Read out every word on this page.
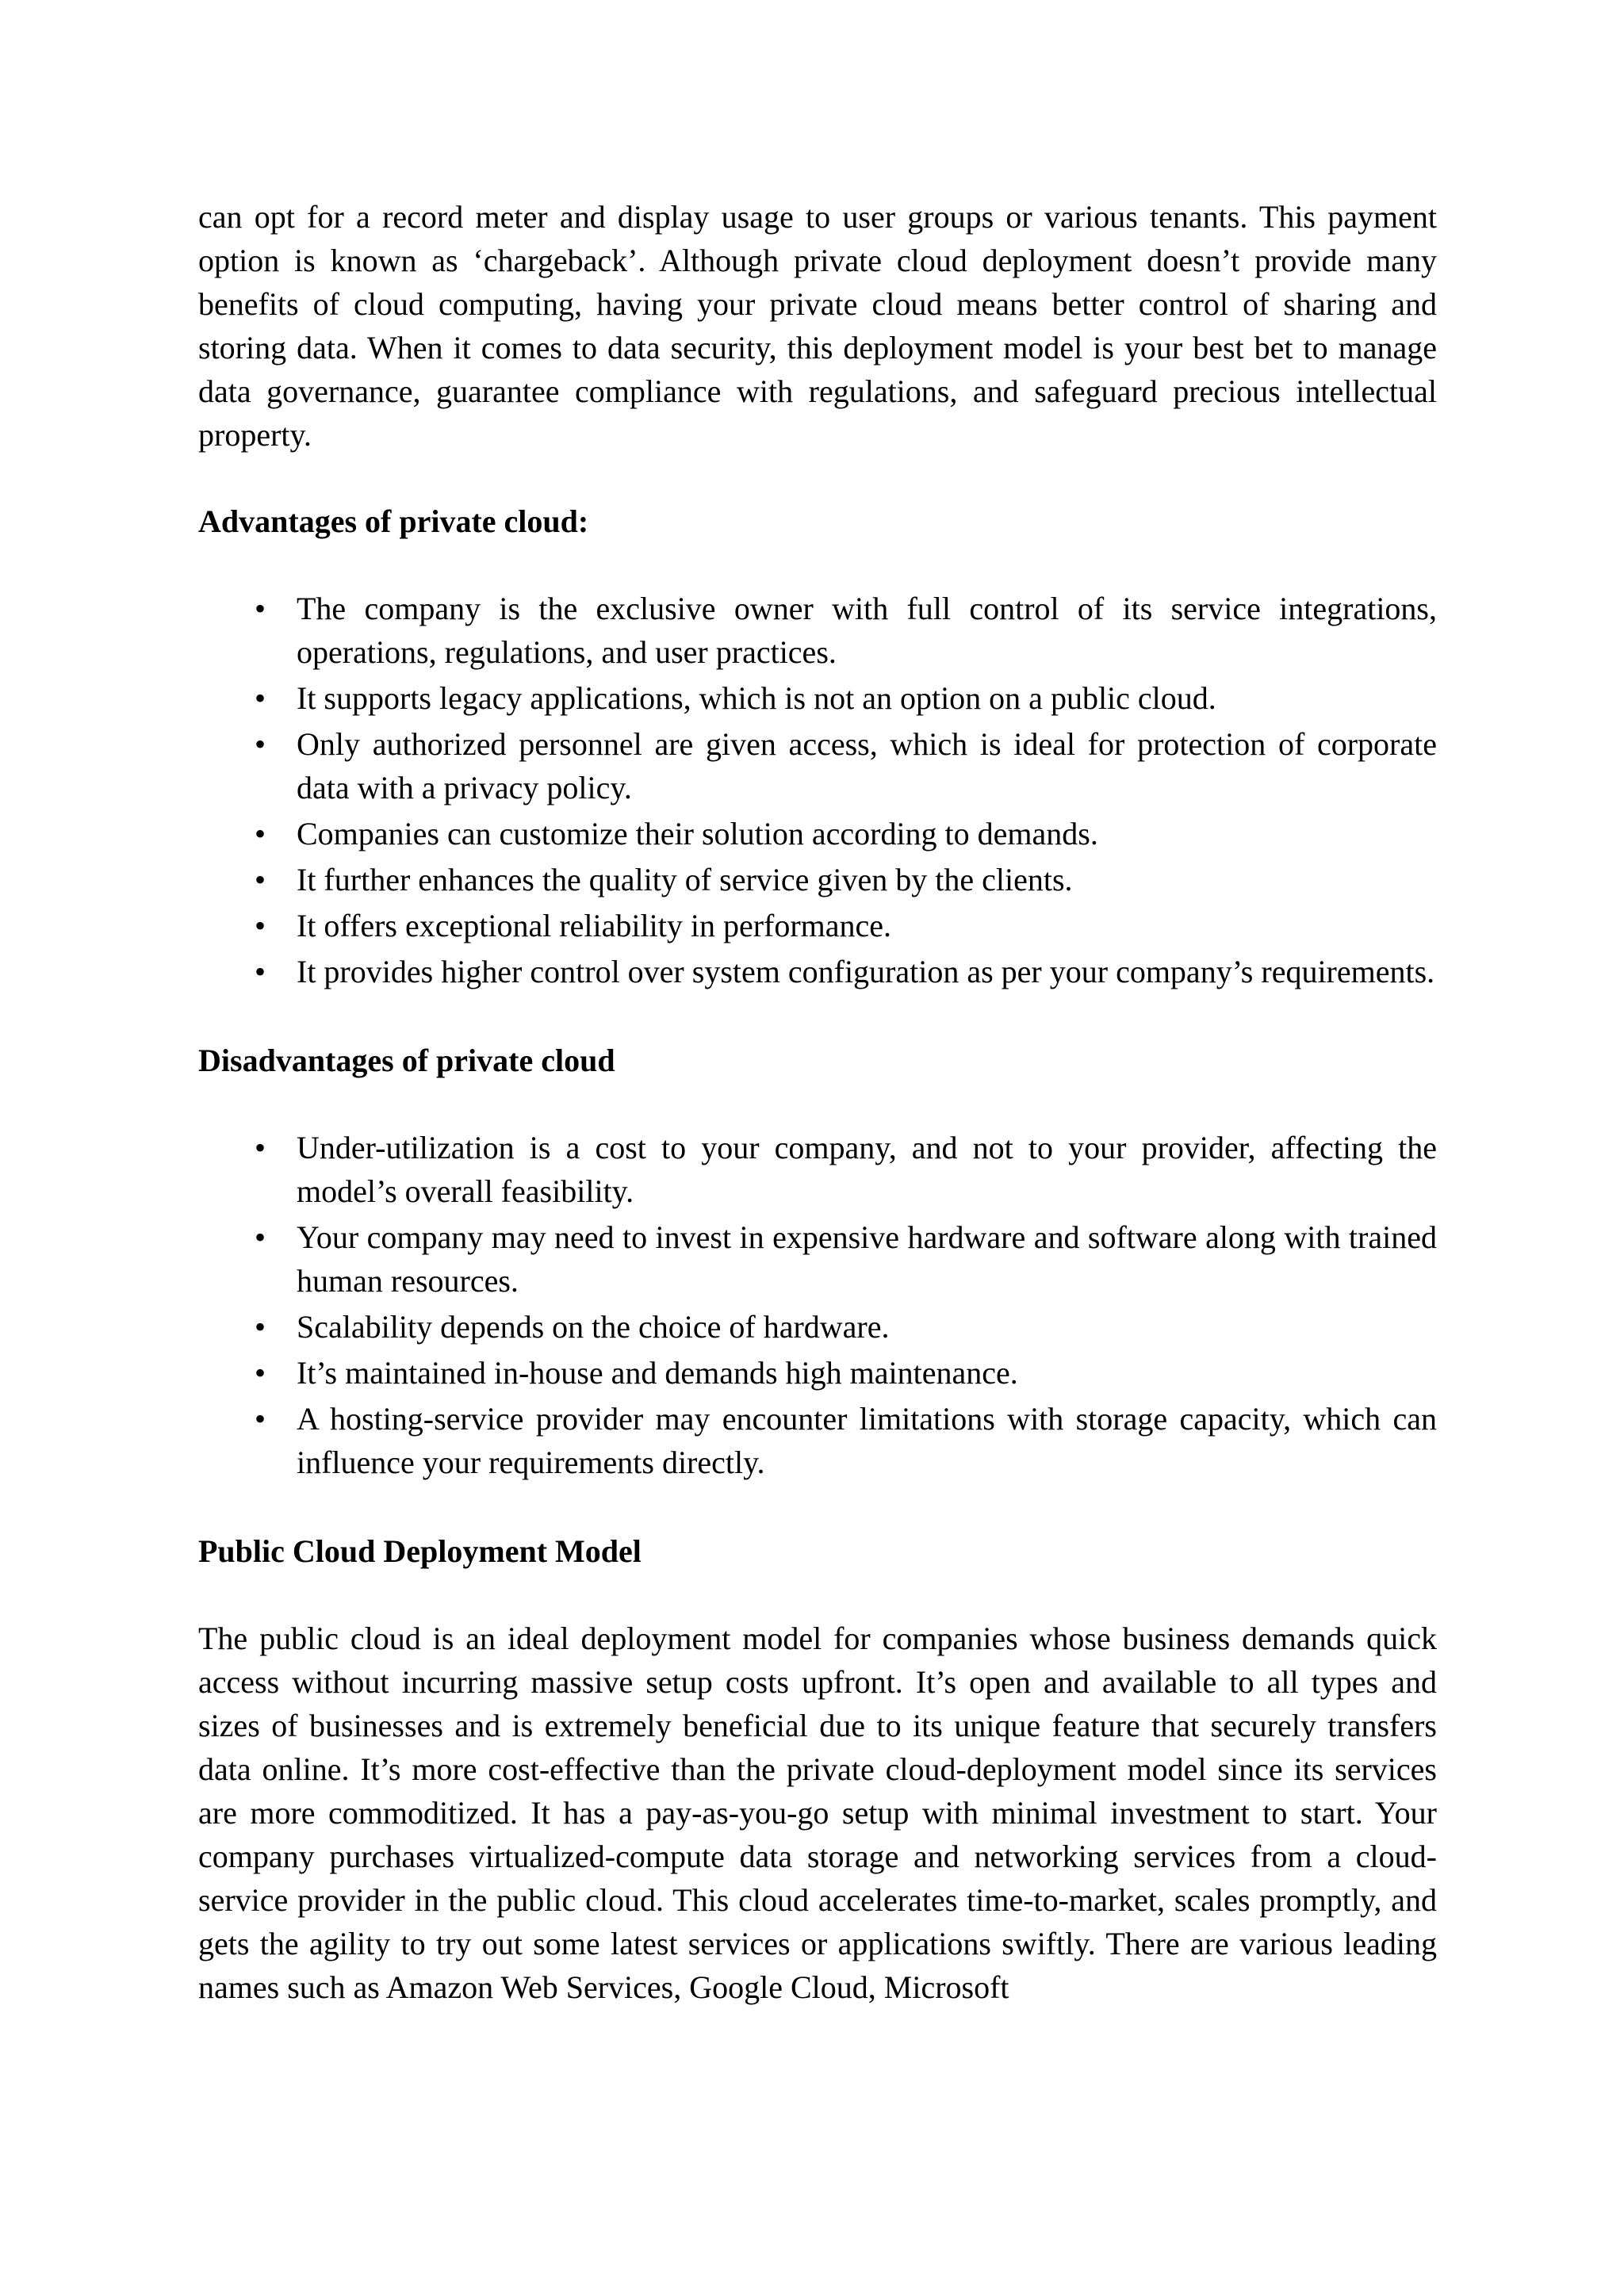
can opt for a record meter and display usage to user groups or various tenants. This payment option is known as ‘chargeback’. Although private cloud deployment doesn’t provide many benefits of cloud computing, having your private cloud means better control of sharing and storing data. When it comes to data security, this deployment model is your best bet to manage data governance, guarantee compliance with regulations, and safeguard precious intellectual property.

Advantages of private cloud:

• The company is the exclusive owner with full control of its service integrations, operations, regulations, and user practices.
• It supports legacy applications, which is not an option on a public cloud.
• Only authorized personnel are given access, which is ideal for protection of corporate data with a privacy policy.
• Companies can customize their solution according to demands.
• It further enhances the quality of service given by the clients.
• It offers exceptional reliability in performance.
• It provides higher control over system configuration as per your company’s requirements.

Disadvantages of private cloud

• Under-utilization is a cost to your company, and not to your provider, affecting the model’s overall feasibility.
• Your company may need to invest in expensive hardware and software along with trained human resources.
• Scalability depends on the choice of hardware.
• It’s maintained in-house and demands high maintenance.
• A hosting-service provider may encounter limitations with storage capacity, which can influence your requirements directly.

Public Cloud Deployment Model

The public cloud is an ideal deployment model for companies whose business demands quick access without incurring massive setup costs upfront. It’s open and available to all types and sizes of businesses and is extremely beneficial due to its unique feature that securely transfers data online. It’s more cost-effective than the private cloud-deployment model since its services are more commoditized. It has a pay-as-you-go setup with minimal investment to start. Your company purchases virtualized-compute data storage and networking services from a cloud-service provider in the public cloud. This cloud accelerates time-to-market, scales promptly, and gets the agility to try out some latest services or applications swiftly. There are various leading names such as Amazon Web Services, Google Cloud, Microsoft
